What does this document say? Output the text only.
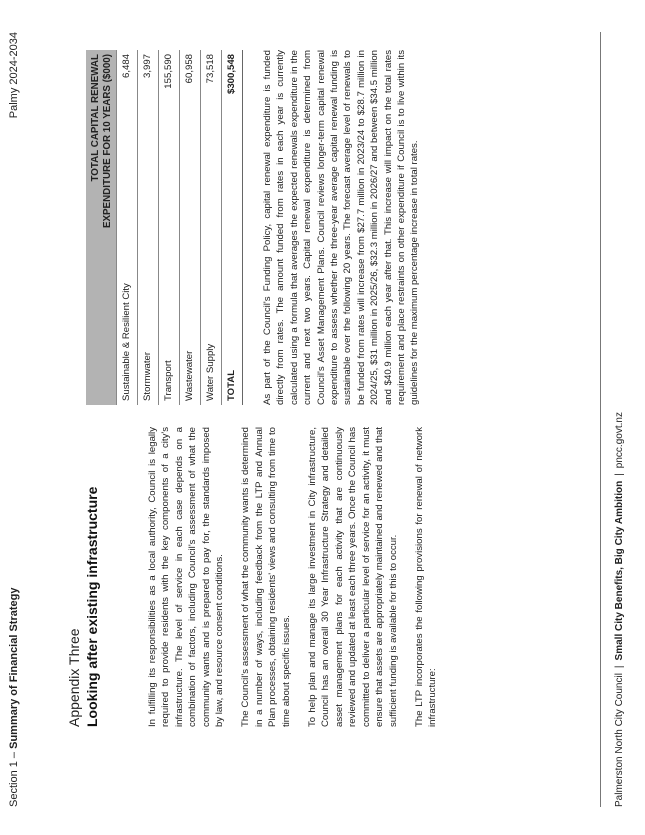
Section 1 – Summary of Financial Strategy
Palmy 2024-2034
Appendix Three Looking after existing infrastructure	In fulfilling its responsibilities as a local authority, Council is legally required to provide residents with the key components of a city's infrastructure. The level of service in each case depends on a combination of factors, including Council's assessment of what the community wants and is prepared to pay for, the standards imposed by law, and resource consent conditions. The Council's assessment of what the community wants is determined in a number of ways, including feedback from the LTP and Annual Plan processes, obtaining residents' views and consulting from time to time about specific issues. To help plan and manage its large investment in City infrastructure, Council has an overall 30 Year Infrastructure Strategy and detailed asset management plans for each activity that are continuously reviewed and updated at least each three years. Once the Council has committed to deliver a particular level of service for an activity, it must ensure that assets are appropriately maintained and renewed and that sufficient funding is available for this to occur. The LTP incorporates the following provisions for renewal of network infrastructure:

	TOTAL CAPITAL RENEWAL EXPENDITURE FOR 10 YEARS ($000)
Sustainable & Resilient City	6,484
Stormwater	3,997
Transport	155,590
Wastewater	60,958
Water Supply	73,518
TOTAL	$300,548	As part of the Council's Funding Policy, capital renewal expenditure is funded directly from rates. The amount funded from rates in each year is currently calculated using a formula that averages the expected renewals expenditure in the current and next two years. Capital renewal expenditure is determined from Council's Asset Management Plans. Council reviews longer-term capital renewal expenditure to assess whether the three-year average capital renewal funding is sustainable over the following 20 years. The forecast average level of renewals to be funded from rates will increase from $27.7 million in 2023/24 to $28.7 million in 2024/25, $31 million in 2025/26, $32.3 million in 2026/27 and between $34.5 million and $40.9 million each year after that. This increase will impact on the total rates requirement and place restraints on other expenditure if Council is to live within its guidelines for the maximum percentage increase in total rates.

Palmerston North City Council|Small City Benefits, Big City Ambition|pncc.govt.nz
